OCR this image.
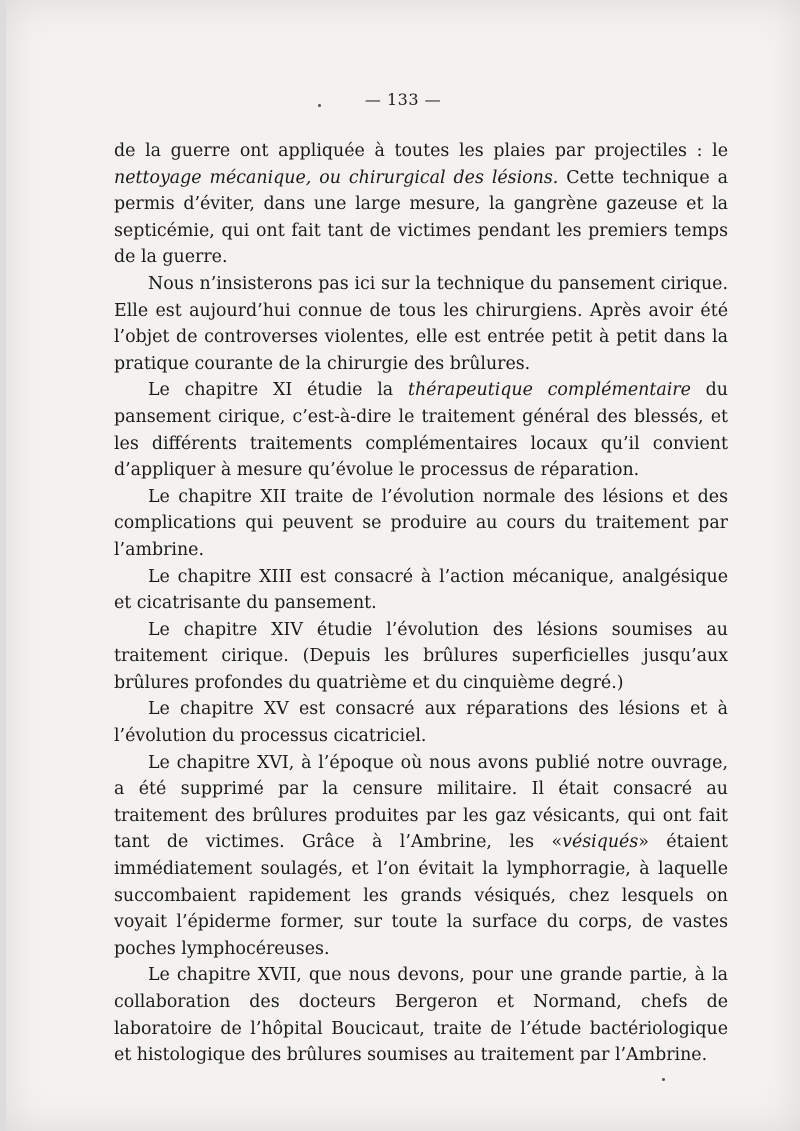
— 133 —

de la guerre ont appliquée à toutes les plaies par projectiles : le nettoyage mécanique, ou chirurgical des lésions. Cette technique a permis d’éviter, dans une large mesure, la gangrène gazeuse et la septicémie, qui ont fait tant de victimes pendant les premiers temps de la guerre.

Nous n’insisterons pas ici sur la technique du pansement cirique. Elle est aujourd’hui connue de tous les chirurgiens. Après avoir été l’objet de controverses violentes, elle est entrée petit à petit dans la pratique courante de la chirurgie des brûlures.

Le chapitre XI étudie la thérapeutique complémentaire du pansement cirique, c’est-à-dire le traitement général des blessés, et les différents traitements complémentaires locaux qu’il convient d’appliquer à mesure qu’évolue le processus de réparation.

Le chapitre XII traite de l’évolution normale des lésions et des complications qui peuvent se produire au cours du traitement par l’ambrine.

Le chapitre XIII est consacré à l’action mécanique, analgésique et cicatrisante du pansement.

Le chapitre XIV étudie l’évolution des lésions soumises au traitement cirique. (Depuis les brûlures superficielles jusqu’aux brûlures profondes du quatrième et du cinquième degré.)

Le chapitre XV est consacré aux réparations des lésions et à l’évolution du processus cicatriciel.

Le chapitre XVI, à l’époque où nous avons publié notre ouvrage, a été supprimé par la censure militaire. Il était consacré au traitement des brûlures produites par les gaz vésicants, qui ont fait tant de victimes. Grâce à l’Ambrine, les «vésiqués» étaient immédiatement soulagés, et l’on évitait la lymphorragie, à laquelle succombaient rapidement les grands vésiqués, chez lesquels on voyait l’épiderme former, sur toute la surface du corps, de vastes poches lymphocéreuses.

Le chapitre XVII, que nous devons, pour une grande partie, à la collaboration des docteurs Bergeron et Normand, chefs de laboratoire de l’hôpital Boucicaut, traite de l’étude bactériologique et histologique des brûlures soumises au traitement par l’Ambrine.
